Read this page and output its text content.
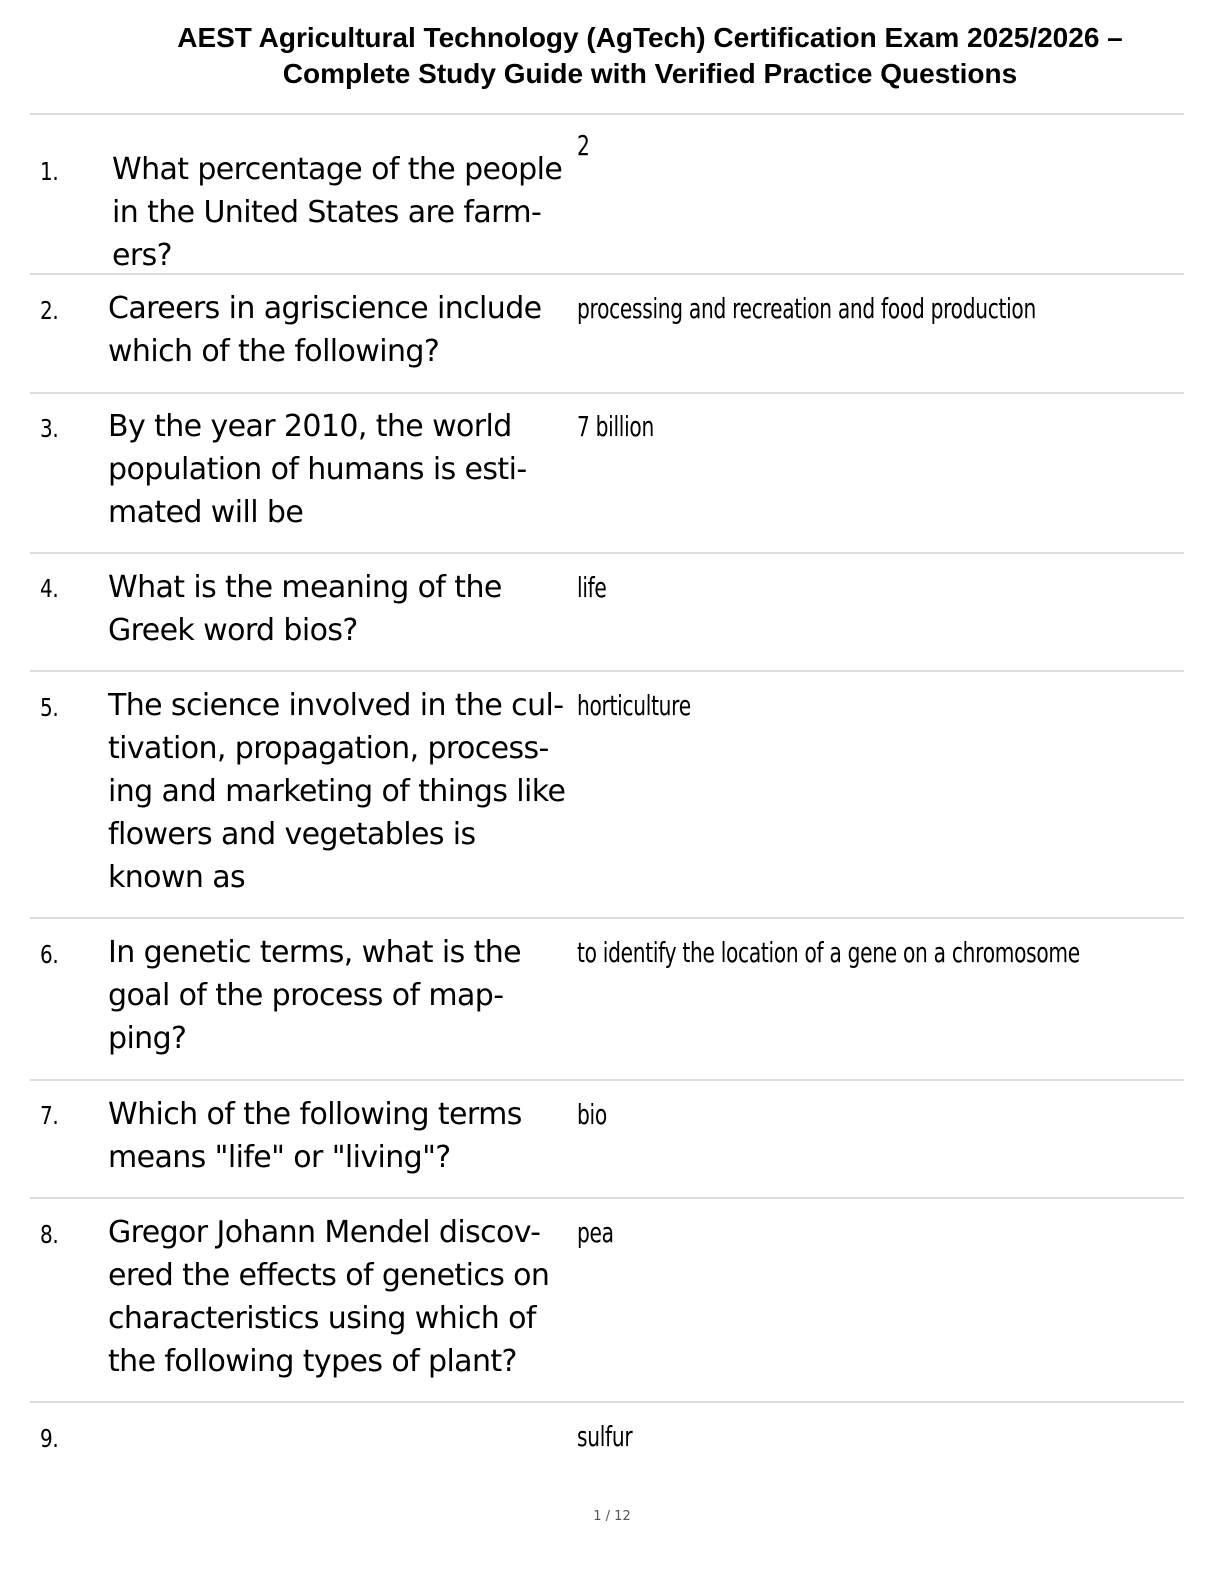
AEST Agricultural Technology (AgTech) Certification Exam 2025/2026 –
Complete Study Guide with Verified Practice Questions
1. What percentage of the people in the United States are farm-ers?
2
2. Careers in agriscience include which of the following?
processing and recreation and food production
3. By the year 2010, the world population of humans is esti-mated will be
7 billion
4. What is the meaning of the Greek word bios?
life
5. The science involved in the cul-tivation, propagation, process-ing and marketing of things like flowers and vegetables is known as
horticulture
6. In genetic terms, what is the goal of the process of map-ping?
to identify the location of a gene on a chromosome
7. Which of the following terms means "life" or "living"?
bio
8. Gregor Johann Mendel discov-ered the effects of genetics on characteristics using which of the following types of plant?
pea
9.	sulfur
1 / 12
